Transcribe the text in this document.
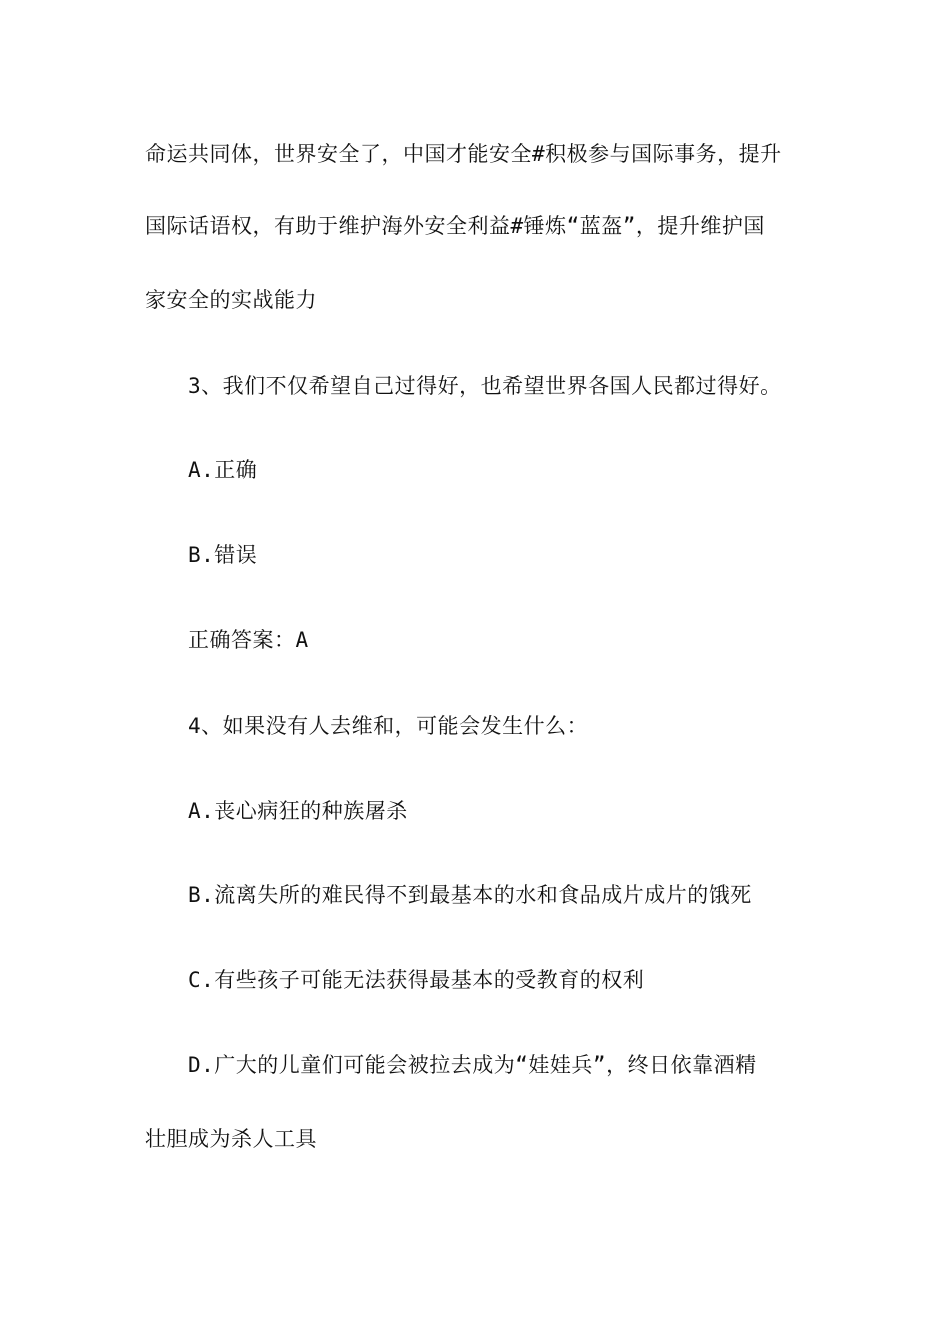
命运共同体，世界安全了，中国才能安全#积极参与国际事务，提升
国际话语权，有助于维护海外安全利益#锤炼“蓝盔”，提升维护国
家安全的实战能力
3、我们不仅希望自己过得好，也希望世界各国人民都过得好。
A.正确
B.错误
正确答案：A
4、如果没有人去维和，可能会发生什么：
A.丧心病狂的种族屠杀
B.流离失所的难民得不到最基本的水和食品成片成片的饿死
C.有些孩子可能无法获得最基本的受教育的权利
D.广大的儿童们可能会被拉去成为“娃娃兵”，终日依靠酒精
壮胆成为杀人工具
